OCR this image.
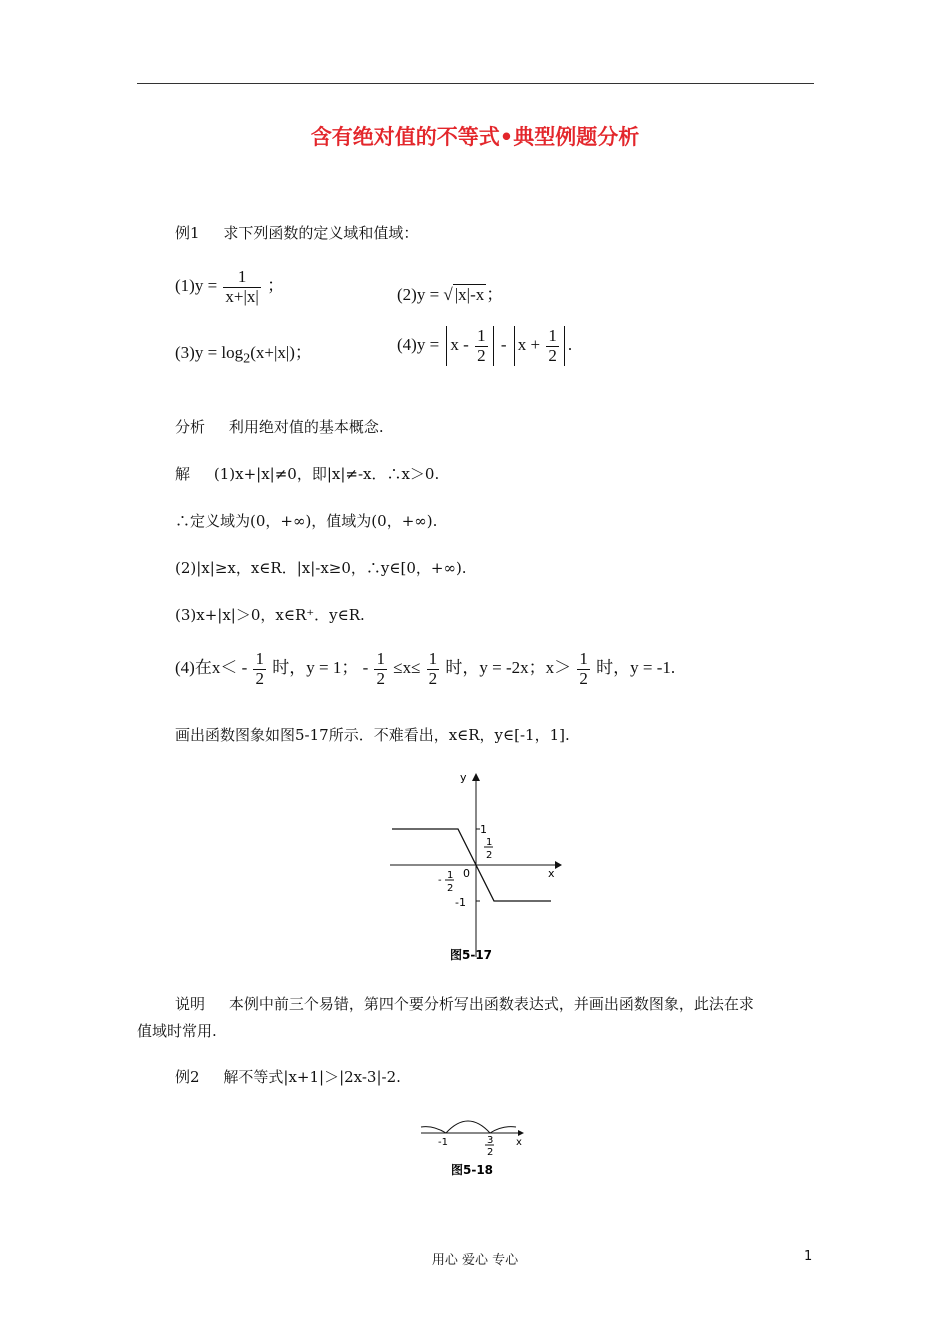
含有绝对值的不等式•典型例题分析
例1 求下列函数的定义域和值域：
$(1)y = \frac{1}{x+|x|}$ ；	(2)y = √ |x|-x ；
$(3)y = \log_2(x+|x|)$；	$(4)y = x - \frac{1}{2} - x + \frac{1}{2}$ .
分析 利用绝对值的基本概念.
解 (1)x+|x|≠0，即|x|≠-x．∴x＞0.
∴定义域为(0，+∞)，值域为(0，+∞).
(2)|x|≥x，x∈R．|x|-x≥0，∴y∈[0，+∞).
(3)x+|x|＞0，x∈R⁺．y∈R.
(4)在$x< - \frac{1}{2}$ 时，y = 1； - $\frac{1}{2} \le x\le \frac{1}{2}$ 时，y = -2x；$x> \frac{1}{2}$ 时，y = -1.
画出函数图象如图5-17所示．不难看出，x∈R，y∈[-1，1].
y
x
1
1
2
0
- 1
2
-1
图5-17
说明 本例中前三个易错，第四个要分析写出函数表达式，并画出函数图象，此法在求
值域时常用.
例2 解不等式|x+1|＞|2x-3|-2.
-1	3
2
x
图5-18
用心 爱心 专心	1
